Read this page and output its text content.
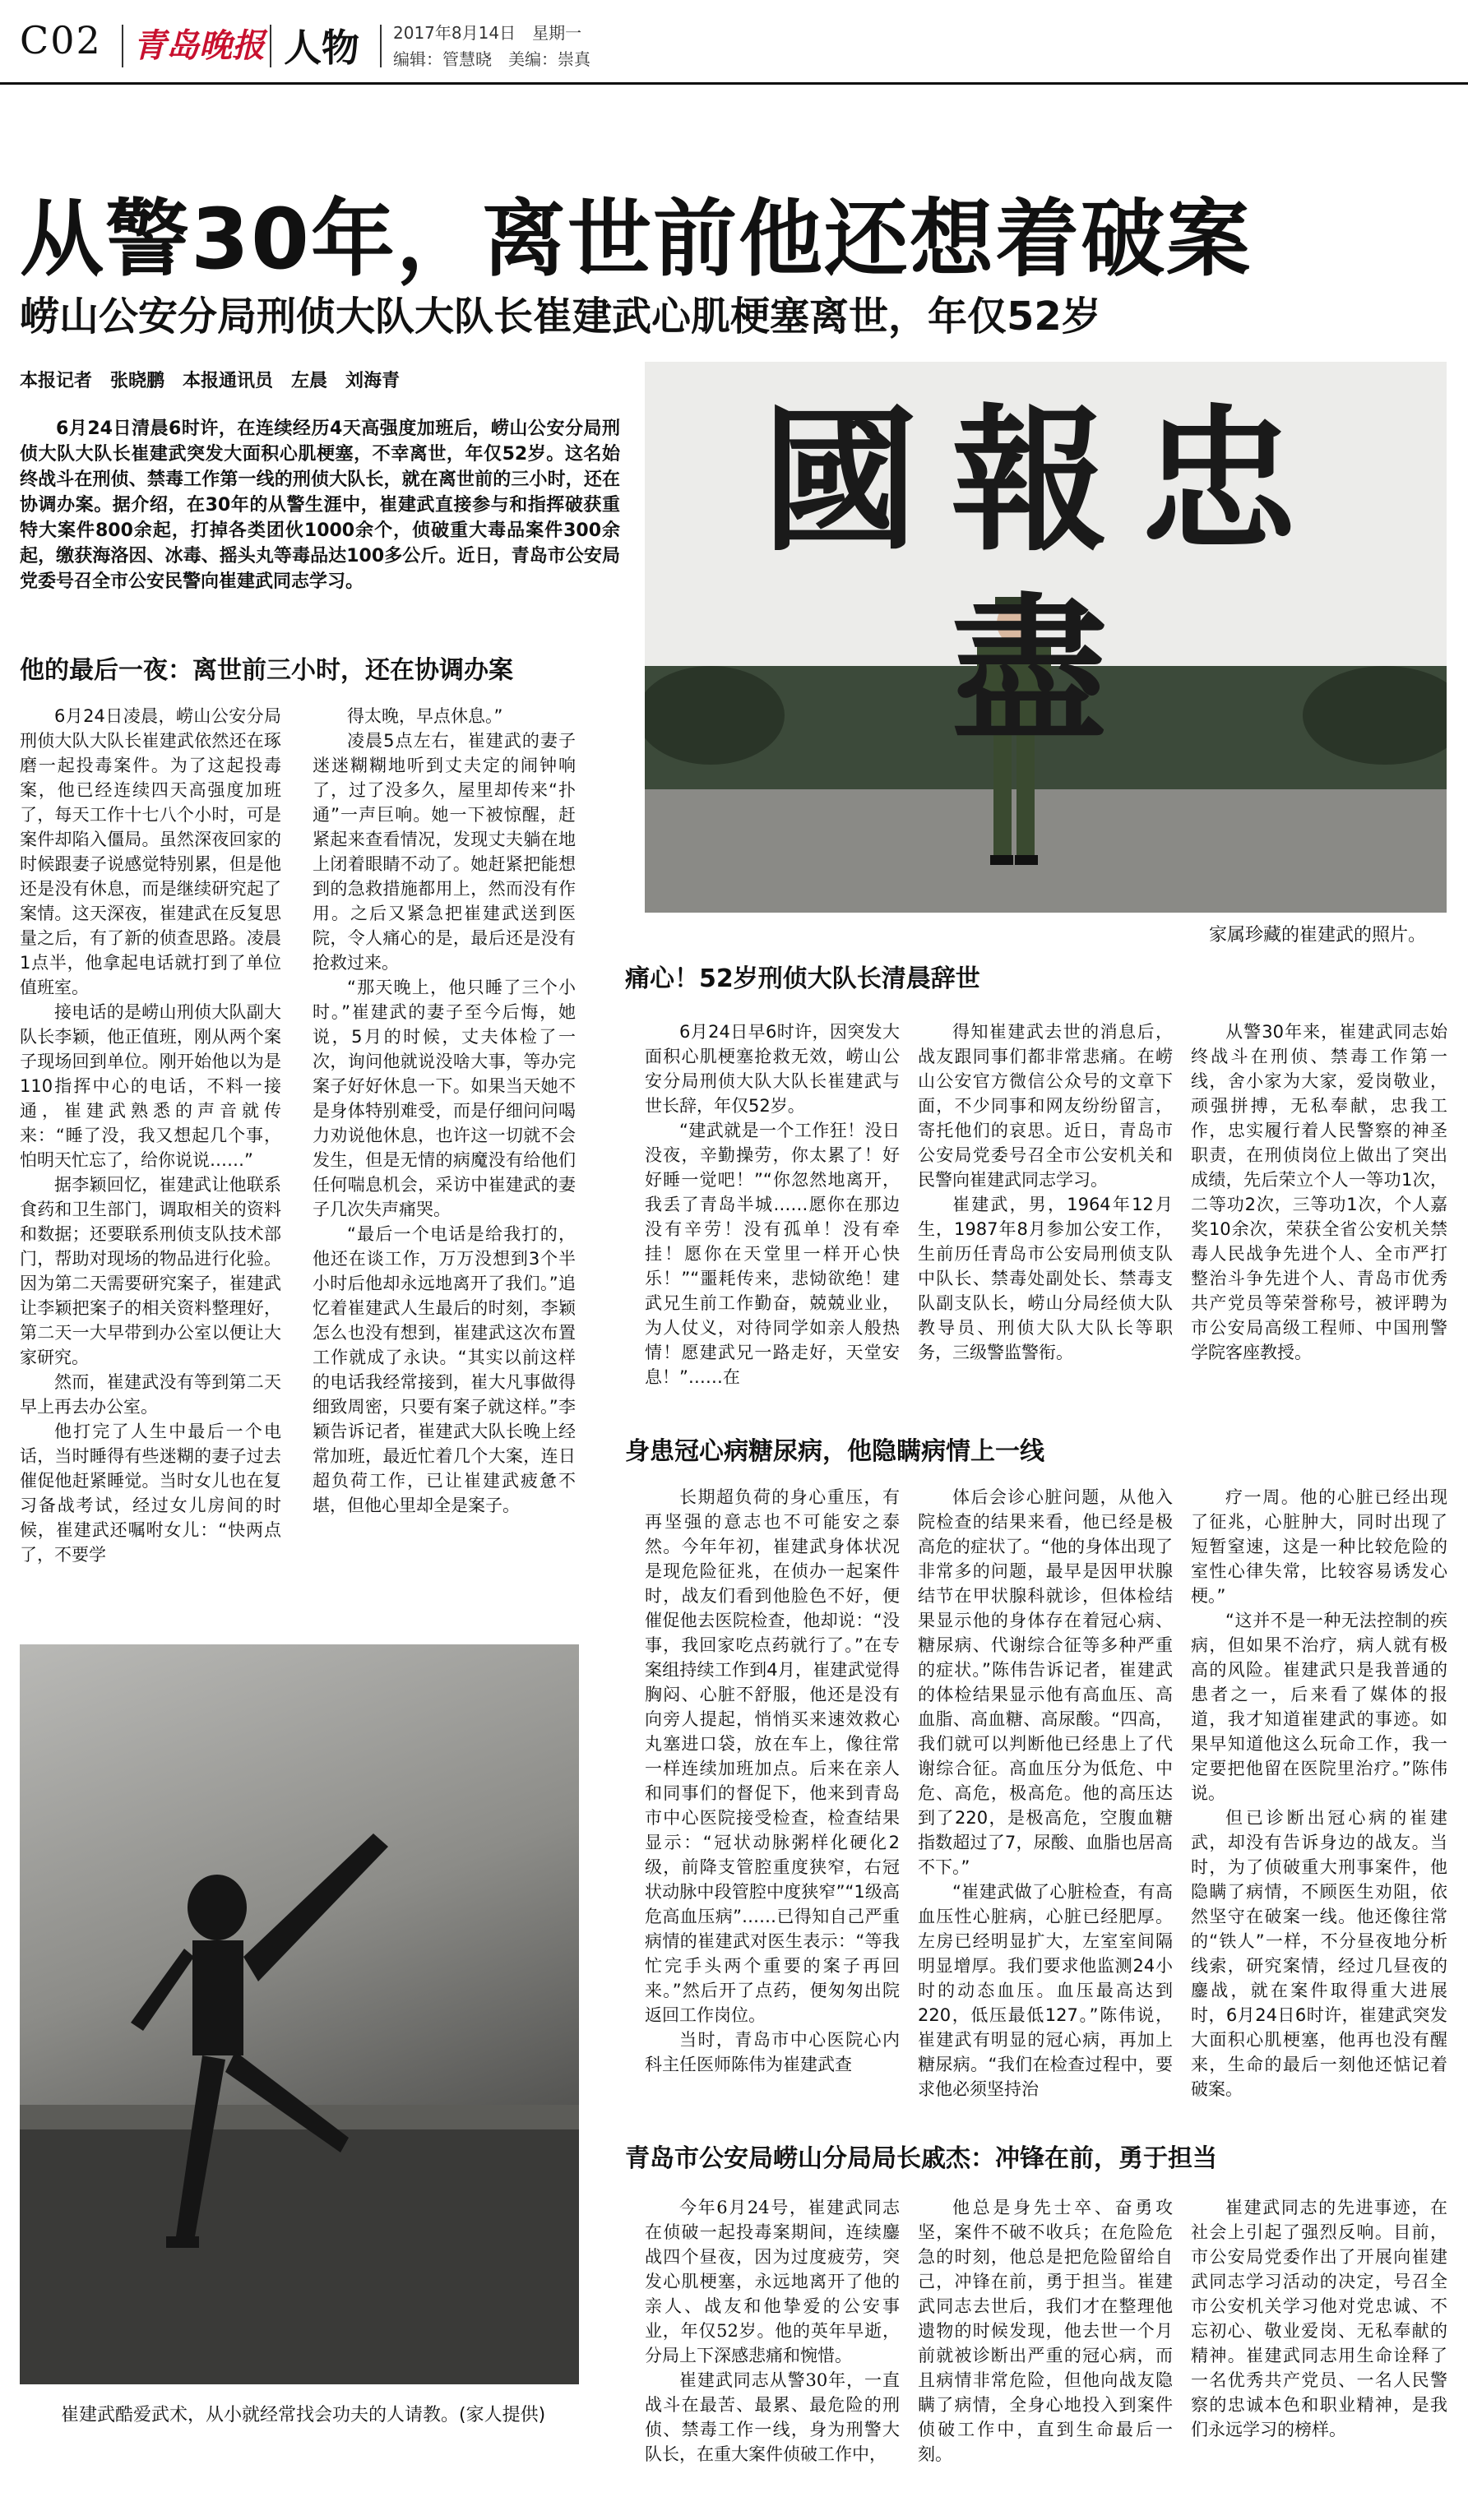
C02 青岛晚报 人物 2017年8月14日　星期一
编辑：管慧晓　美编：崇真
从警30年，离世前他还想着破案
崂山公安分局刑侦大队大队长崔建武心肌梗塞离世，年仅52岁
本报记者　张晓鹏　本报通讯员　左晨　刘海青

6月24日清晨6时许，在连续经历4天高强度加班后，崂山公安分局刑侦大队大队长崔建武突发大面积心肌梗塞，不幸离世，年仅52岁。这名始终战斗在刑侦、禁毒工作第一线的刑侦大队长，就在离世前的三小时，还在协调办案。据介绍，在30年的从警生涯中，崔建武直接参与和指挥破获重特大案件800余起，打掉各类团伙1000余个，侦破重大毒品案件300余起，缴获海洛因、冰毒、摇头丸等毒品达100多公斤。近日，青岛市公安局党委号召全市公安民警向崔建武同志学习。

國報忠盡
家属珍藏的崔建武的照片。
他的最后一夜：离世前三小时，还在协调办案

6月24日凌晨，崂山公安分局刑侦大队大队长崔建武依然还在琢磨一起投毒案件。为了这起投毒案，他已经连续四天高强度加班了，每天工作十七八个小时，可是案件却陷入僵局。虽然深夜回家的时候跟妻子说感觉特别累，但是他还是没有休息，而是继续研究起了案情。这天深夜，崔建武在反复思量之后，有了新的侦查思路。凌晨1点半，他拿起电话就打到了单位值班室。

接电话的是崂山刑侦大队副大队长李颖，他正值班，刚从两个案子现场回到单位。刚开始他以为是110指挥中心的电话，不料一接通，崔建武熟悉的声音就传来：“睡了没，我又想起几个事，怕明天忙忘了，给你说说……”

据李颖回忆，崔建武让他联系食药和卫生部门，调取相关的资料和数据；还要联系刑侦支队技术部门，帮助对现场的物品进行化验。因为第二天需要研究案子，崔建武让李颖把案子的相关资料整理好，第二天一大早带到办公室以便让大家研究。

然而，崔建武没有等到第二天早上再去办公室。

他打完了人生中最后一个电话，当时睡得有些迷糊的妻子过去催促他赶紧睡觉。当时女儿也在复习备战考试，经过女儿房间的时候，崔建武还嘱咐女儿：“快两点了，不要学

得太晚，早点休息。”

凌晨5点左右，崔建武的妻子迷迷糊糊地听到丈夫定的闹钟响了，过了没多久，屋里却传来“扑通”一声巨响。她一下被惊醒，赶紧起来查看情况，发现丈夫躺在地上闭着眼睛不动了。她赶紧把能想到的急救措施都用上，然而没有作用。之后又紧急把崔建武送到医院，令人痛心的是，最后还是没有抢救过来。

“那天晚上，他只睡了三个小时。”崔建武的妻子至今后悔，她说，5月的时候，丈夫体检了一次，询问他就说没啥大事，等办完案子好好休息一下。如果当天她不是身体特别难受，而是仔细问问喝力劝说他休息，也许这一切就不会发生，但是无情的病魔没有给他们任何喘息机会，采访中崔建武的妻子几次失声痛哭。

“最后一个电话是给我打的，他还在谈工作，万万没想到3个半小时后他却永远地离开了我们。”追忆着崔建武人生最后的时刻，李颖怎么也没有想到，崔建武这次布置工作就成了永诀。“其实以前这样的电话我经常接到，崔大凡事做得细致周密，只要有案子就这样。”李颖告诉记者，崔建武大队长晚上经常加班，最近忙着几个大案，连日超负荷工作，已让崔建武疲惫不堪，但他心里却全是案子。

崔建武酷爱武术，从小就经常找会功夫的人请教。(家人提供)
痛心！52岁刑侦大队长清晨辞世

6月24日早6时许，因突发大面积心肌梗塞抢救无效，崂山公安分局刑侦大队大队长崔建武与世长辞，年仅52岁。

“建武就是一个工作狂！没日没夜，辛勤操劳，你太累了！好好睡一觉吧！”“你忽然地离开，我丢了青岛半城……愿你在那边没有辛劳！没有孤单！没有牵挂！愿你在天堂里一样开心快乐！”“噩耗传来，悲恸欲绝！建武兄生前工作勤奋，兢兢业业，为人仗义，对待同学如亲人般热情！愿建武兄一路走好，天堂安息！”……在

得知崔建武去世的消息后，战友跟同事们都非常悲痛。在崂山公安官方微信公众号的文章下面，不少同事和网友纷纷留言，寄托他们的哀思。近日，青岛市公安局党委号召全市公安机关和民警向崔建武同志学习。

崔建武，男，1964年12月生，1987年8月参加公安工作，生前历任青岛市公安局刑侦支队中队长、禁毒处副处长、禁毒支队副支队长，崂山分局经侦大队教导员、刑侦大队大队长等职务，三级警监警衔。

从警30年来，崔建武同志始终战斗在刑侦、禁毒工作第一线，舍小家为大家，爱岗敬业，顽强拼搏，无私奉献，忠我工作，忠实履行着人民警察的神圣职责，在刑侦岗位上做出了突出成绩，先后荣立个人一等功1次，二等功2次，三等功1次，个人嘉奖10余次，荣获全省公安机关禁毒人民战争先进个人、全市严打整治斗争先进个人、青岛市优秀共产党员等荣誉称号，被评聘为市公安局高级工程师、中国刑警学院客座教授。

身患冠心病糖尿病，他隐瞒病情上一线

长期超负荷的身心重压，有再坚强的意志也不可能安之泰然。今年年初，崔建武身体状况是现危险征兆，在侦办一起案件时，战友们看到他脸色不好，便催促他去医院检查，他却说：“没事，我回家吃点药就行了。”在专案组持续工作到4月，崔建武觉得胸闷、心脏不舒服，他还是没有向旁人提起，悄悄买来速效救心丸塞进口袋，放在车上，像往常一样连续加班加点。后来在亲人和同事们的督促下，他来到青岛市中心医院接受检查，检查结果显示：“冠状动脉粥样化硬化2级，前降支管腔重度狭窄，右冠状动脉中段管腔中度狭窄”“1级高危高血压病”……已得知自己严重病情的崔建武对医生表示：“等我忙完手头两个重要的案子再回来。”然后开了点药，便匆匆出院返回工作岗位。

当时，青岛市中心医院心内科主任医师陈伟为崔建武查

体后会诊心脏问题，从他入院检查的结果来看，他已经是极高危的症状了。“他的身体出现了非常多的问题，最早是因甲状腺结节在甲状腺科就诊，但体检结果显示他的身体存在着冠心病、糖尿病、代谢综合征等多种严重的症状。”陈伟告诉记者，崔建武的体检结果显示他有高血压、高血脂、高血糖、高尿酸。“四高，我们就可以判断他已经患上了代谢综合征。高血压分为低危、中危、高危，极高危。他的高压达到了220，是极高危，空腹血糖指数超过了7，尿酸、血脂也居高不下。”

“崔建武做了心脏检查，有高血压性心脏病，心脏已经肥厚。左房已经明显扩大，左室室间隔明显增厚。我们要求他监测24小时的动态血压。血压最高达到220，低压最低127。”陈伟说，崔建武有明显的冠心病，再加上糖尿病。“我们在检查过程中，要求他必须坚持治

疗一周。他的心脏已经出现了征兆，心脏肿大，同时出现了短暂窒速，这是一种比较危险的室性心律失常，比较容易诱发心梗。”

“这并不是一种无法控制的疾病，但如果不治疗，病人就有极高的风险。崔建武只是我普通的患者之一，后来看了媒体的报道，我才知道崔建武的事迹。如果早知道他这么玩命工作，我一定要把他留在医院里治疗。”陈伟说。

但已诊断出冠心病的崔建武，却没有告诉身边的战友。当时，为了侦破重大刑事案件，他隐瞒了病情，不顾医生劝阻，依然坚守在破案一线。他还像往常的“铁人”一样，不分昼夜地分析线索，研究案情，经过几昼夜的鏖战，就在案件取得重大进展时，6月24日6时许，崔建武突发大面积心肌梗塞，他再也没有醒来，生命的最后一刻他还惦记着破案。

青岛市公安局崂山分局局长戚杰：冲锋在前，勇于担当

今年6月24号，崔建武同志在侦破一起投毒案期间，连续鏖战四个昼夜，因为过度疲劳，突发心肌梗塞，永远地离开了他的亲人、战友和他挚爱的公安事业，年仅52岁。他的英年早逝，分局上下深感悲痛和惋惜。

崔建武同志从警30年，一直战斗在最苦、最累、最危险的刑侦、禁毒工作一线，身为刑警大队长，在重大案件侦破工作中，

他总是身先士卒、奋勇攻坚，案件不破不收兵；在危险危急的时刻，他总是把危险留给自己，冲锋在前，勇于担当。崔建武同志去世后，我们才在整理他遗物的时候发现，他去世一个月前就被诊断出严重的冠心病，而且病情非常危险，但他向战友隐瞒了病情，全身心地投入到案件侦破工作中，直到生命最后一刻。

崔建武同志的先进事迹，在社会上引起了强烈反响。目前，市公安局党委作出了开展向崔建武同志学习活动的决定，号召全市公安机关学习他对党忠诚、不忘初心、敬业爱岗、无私奉献的精神。崔建武同志用生命诠释了一名优秀共产党员、一名人民警察的忠诚本色和职业精神，是我们永远学习的榜样。
